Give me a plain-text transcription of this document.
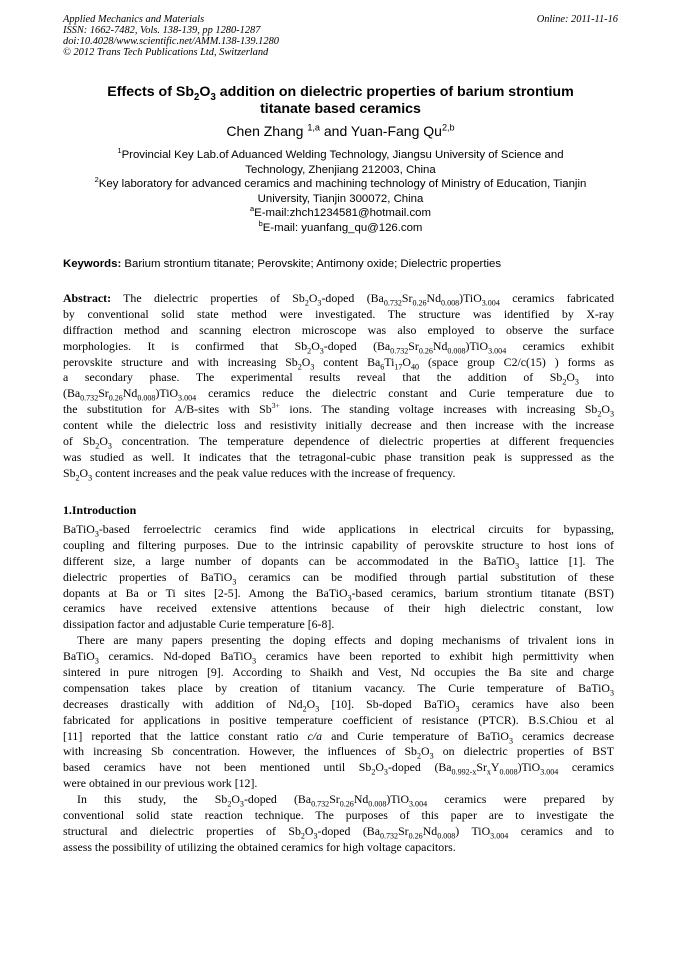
Applied Mechanics and Materials	Online: 2011-11-16
ISSN: 1662-7482, Vols. 138-139, pp 1280-1287
doi:10.4028/www.scientific.net/AMM.138-139.1280
© 2012 Trans Tech Publications Ltd, Switzerland
Effects of $Sb_2O_3$ addition on dielectric properties of barium strontium
titanate based ceramics
Chen Zhang $^{1,a}$ and Yuan-Fang Qu$^{2,b}$
$^1$Provincial Key Lab.of Aduanced Welding Technology, Jiangsu University of Science and
Technology, Zhenjiang 212003, China
$^2$Key laboratory for advanced ceramics and machining technology of Ministry of Education, Tianjin
University, Tianjin 300072, China
$^a$E-mail:zhch1234581@hotmail.com
$^b$E-mail: yuanfang_qu@126.com
Keywords: Barium strontium titanate; Perovskite; Antimony oxide; Dielectric properties
Abstract: The dielectric properties of $Sb_2O_3$-doped $(Ba_{0.732}Sr_{0.26}Nd_{0.008})TiO_{3.004}$ ceramics fabricated
by conventional solid state method were investigated. The structure was identified by X-ray
diffraction method and scanning electron microscope was also employed to observe the surface
morphologies. It is confirmed that $Sb_2O_3$-doped $(Ba_{0.732}Sr_{0.26}Nd_{0.008})TiO_{3.004}$ ceramics exhibit
perovskite structure and with increasing $Sb_2O_3$ content $Ba_6Ti_{17}O_{40}$ (space group C2/c(15) ) forms as
a secondary phase. The experimental results reveal that the addition of $Sb_2O_3$ into
$(Ba_{0.732}Sr_{0.26}Nd_{0.008})TiO_{3.004}$ ceramics reduce the dielectric constant and Curie temperature due to
the substitution for A/B-sites with $Sb^{3+}$ ions. The standing voltage increases with increasing $Sb_2O_3$
content while the dielectric loss and resistivity initially decrease and then increase with the increase
of $Sb_2O_3$ concentration. The temperature dependence of dielectric properties at different frequencies
was studied as well. It indicates that the tetragonal-cubic phase transition peak is suppressed as the
$Sb_2O_3$ content increases and the peak value reduces with the increase of frequency.
1.Introduction
BaTiO$_3$-based ferroelectric ceramics find wide applications in electrical circuits for bypassing,
coupling and filtering purposes. Due to the intrinsic capability of perovskite structure to host ions of
different size, a large number of dopants can be accommodated in the BaTiO$_3$ lattice [1]. The
dielectric properties of BaTiO$_3$ ceramics can be modified through partial substitution of these
dopants at Ba or Ti sites [2-5]. Among the BaTiO$_3$-based ceramics, barium strontium titanate (BST)
ceramics have received extensive attentions because of their high dielectric constant, low
dissipation factor and adjustable Curie temperature [6-8].
There are many papers presenting the doping effects and doping mechanisms of trivalent ions in
BaTiO$_3$ ceramics. Nd-doped BaTiO$_3$ ceramics have been reported to exhibit high permittivity when
sintered in pure nitrogen [9]. According to Shaikh and Vest, Nd occupies the Ba site and charge
compensation takes place by creation of titanium vacancy. The Curie temperature of BaTiO$_3$
decreases drastically with addition of $Nd_2O_3$ [10]. Sb-doped BaTiO$_3$ ceramics have also been
fabricated for applications in positive temperature coefficient of resistance (PTCR). B.S.Chiou et al
[11] reported that the lattice constant ratio c/a and Curie temperature of BaTiO$_3$ ceramics decrease
with increasing Sb concentration. However, the influences of $Sb_2O_3$ on dielectric properties of BST
based ceramics have not been mentioned until $Sb_2O_3$-doped $(Ba_{0.992-x}Sr_xY_{0.008})TiO_{3.004}$ ceramics
were obtained in our previous work [12].
In this study, the $Sb_2O_3$-doped $(Ba_{0.732}Sr_{0.26}Nd_{0.008})TiO_{3.004}$ ceramics were prepared by
conventional solid state reaction technique. The purposes of this paper are to investigate the
structural and dielectric properties of $Sb_2O_3$-doped $(Ba_{0.732}Sr_{0.26}Nd_{0.008})$ TiO$_{3.004}$ ceramics and to
assess the possibility of utilizing the obtained ceramics for high voltage capacitors.
